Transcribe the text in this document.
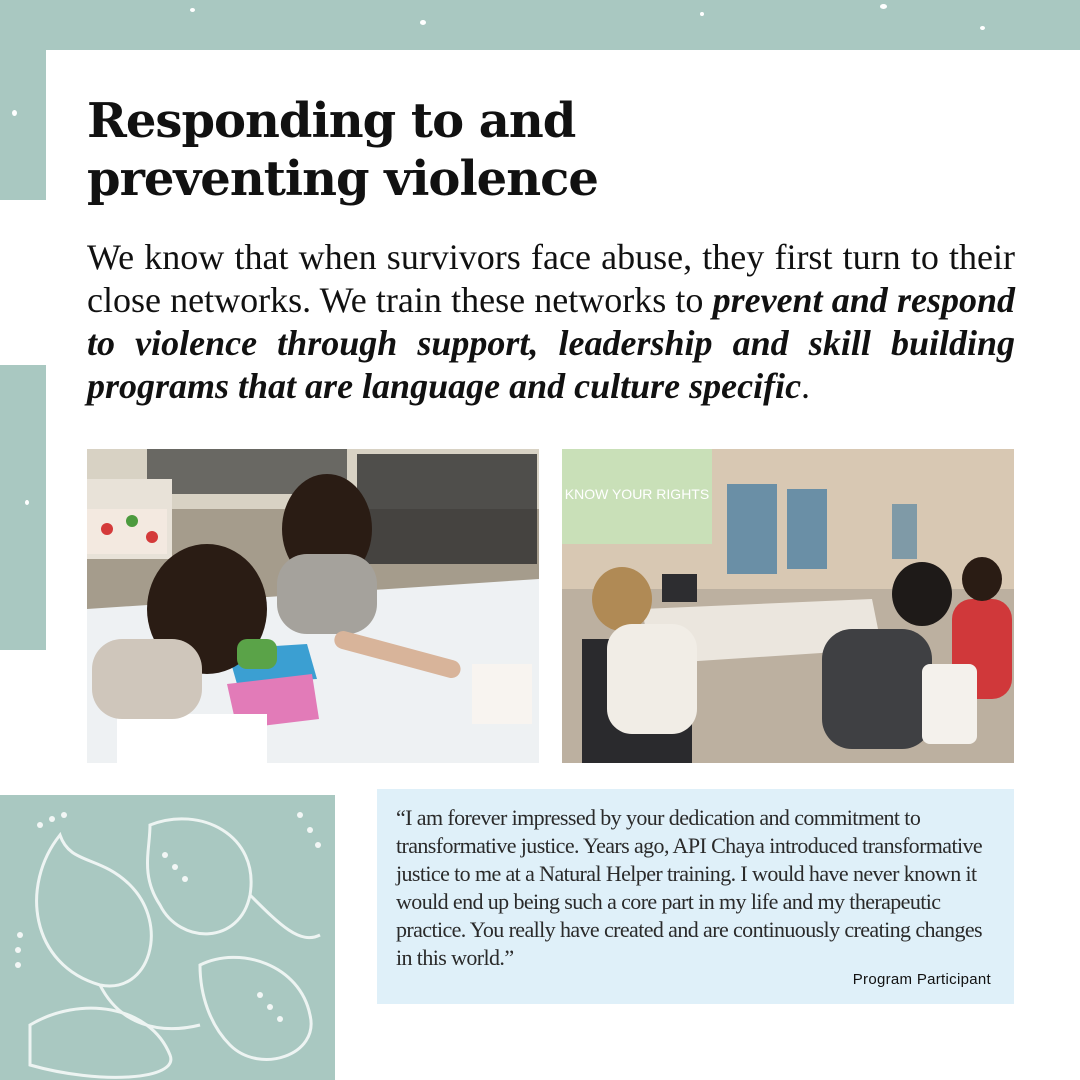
Responding to and
preventing violence

We know that when survivors face abuse, they first turn to their close networks. We train these networks to prevent and respond to violence through support, leadership and skill building programs that are language and culture specific.

KNOW YOUR RIGHTS

“I am forever impressed by your dedication and commitment to transformative justice. Years ago, API Chaya introduced transformative justice to me at a Natural Helper training. I would have never known it would end up being such a core part in my life and my therapeutic practice. You really have created and are continuously creating changes in this world.”

Program Participant
